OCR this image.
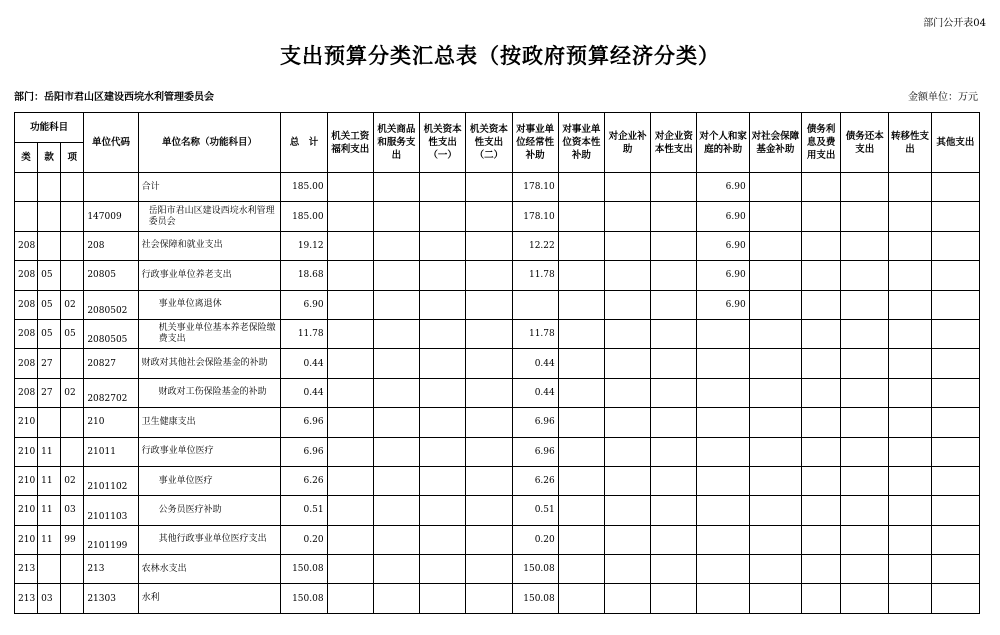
部门公开表04
支出预算分类汇总表（按政府预算经济分类）
部门：岳阳市君山区建设西垸水利管理委员会	金额单位：万元
功能科目			单位代码	单位名称（功能科目）	总　计	机关工资福利支出	机关商品和服务支出	机关资本性支出（一）	机关资本性支出（二）	对事业单位经常性补助	对事业单位资本性补助	对企业补助	对企业资本性支出	对个人和家庭的补助	对社会保障基金补助	债务利息及费用支出	债务还本支出	转移性支出	其他支出
类	款	项																	
				合计	185.00					178.10				6.90					
			147009	岳阳市君山区建设西垸水利管理委员会	185.00					178.10				6.90					
208			208	社会保障和就业支出	19.12					12.22				6.90					
208	05		20805	行政事业单位养老支出	18.68					11.78				6.90					
208	05	02	2080502	事业单位离退休	6.90									6.90					
208	05	05	2080505	机关事业单位基本养老保险缴费支出	11.78					11.78									
208	27		20827	财政对其他社会保险基金的补助	0.44					0.44									
208	27	02	2082702	财政对工伤保险基金的补助	0.44					0.44									
210			210	卫生健康支出	6.96					6.96									
210	11		21011	行政事业单位医疗	6.96					6.96									
210	11	02	2101102	事业单位医疗	6.26					6.26									
210	11	03	2101103	公务员医疗补助	0.51					0.51									
210	11	99	2101199	其他行政事业单位医疗支出	0.20					0.20									
213			213	农林水支出	150.08					150.08									
213	03		21303	水利	150.08					150.08									
